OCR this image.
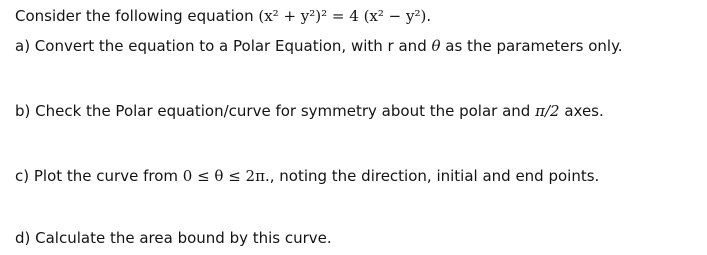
Consider the following equation (x² + y²)² = 4 (x² − y²).
a) Convert the equation to a Polar Equation, with r and θ as the parameters only.
b) Check the Polar equation/curve for symmetry about the polar and π/2 axes.
c) Plot the curve from 0 ≤ θ ≤ 2π., noting the direction, initial and end points.
d) Calculate the area bound by this curve.
